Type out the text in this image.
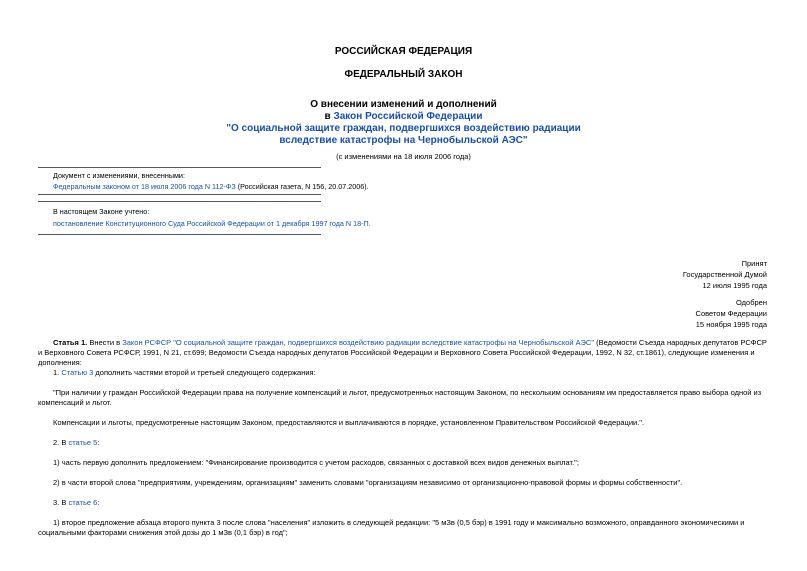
РОССИЙСКАЯ ФЕДЕРАЦИЯ
ФЕДЕРАЛЬНЫЙ ЗАКОН
О внесении изменений и дополнений
в Закон Российской Федерации
"О социальной защите граждан, подвергшихся воздействию радиации
вследствие катастрофы на Чернобыльской АЭС"
(с изменениями на 18 июля 2006 года)
Документ с изменениями, внесенными:
Федеральным законом от 18 июля 2006 года N 112-ФЗ (Российская газета, N 156, 20.07.2006).
В настоящем Законе учтено:
постановление Конституционного Суда Российской Федерации от 1 декабря 1997 года N 18-П.
Принят
Государственной Думой
12 июля 1995 года
Одобрен
Советом Федерации
15 ноября 1995 года

Статья 1. Внести в Закон РСФСР "О социальной защите граждан, подвергшихся воздействию радиации вследствие катастрофы на Чернобыльской АЭС" (Ведомости Съезда народных депутатов РСФСР и Верховного Совета РСФСР, 1991, N 21, ст.699; Ведомости Съезда народных депутатов Российской Федерации и Верховного Совета Российской Федерации, 1992, N 32, ст.1861), следующие изменения и дополнения:

1. Статью 3 дополнить частями второй и третьей следующего содержания:

"При наличии у граждан Российской Федерации права на получение компенсаций и льгот, предусмотренных настоящим Законом, по нескольким основаниям им предоставляется право выбора одной из компенсаций и льгот.

Компенсации и льготы, предусмотренные настоящим Законом, предоставляются и выплачиваются в порядке, установленном Правительством Российской Федерации.".

2. В статье 5:

1) часть первую дополнить предложением: "Финансирование производится с учетом расходов, связанных с доставкой всех видов денежных выплат.";

2) в части второй слова "предприятиям, учреждениям, организациям" заменить словами "организациям независимо от организационно-правовой формы и формы собственности".

3. В статье 6:

1) второе предложение абзаца второго пункта 3 после слова "населения" изложить в следующей редакции: "5 мЗв (0,5 бэр) в 1991 году и максимально возможного, оправданного экономическими и социальными факторами снижения этой дозы до 1 мЗв (0,1 бэр) в год";
